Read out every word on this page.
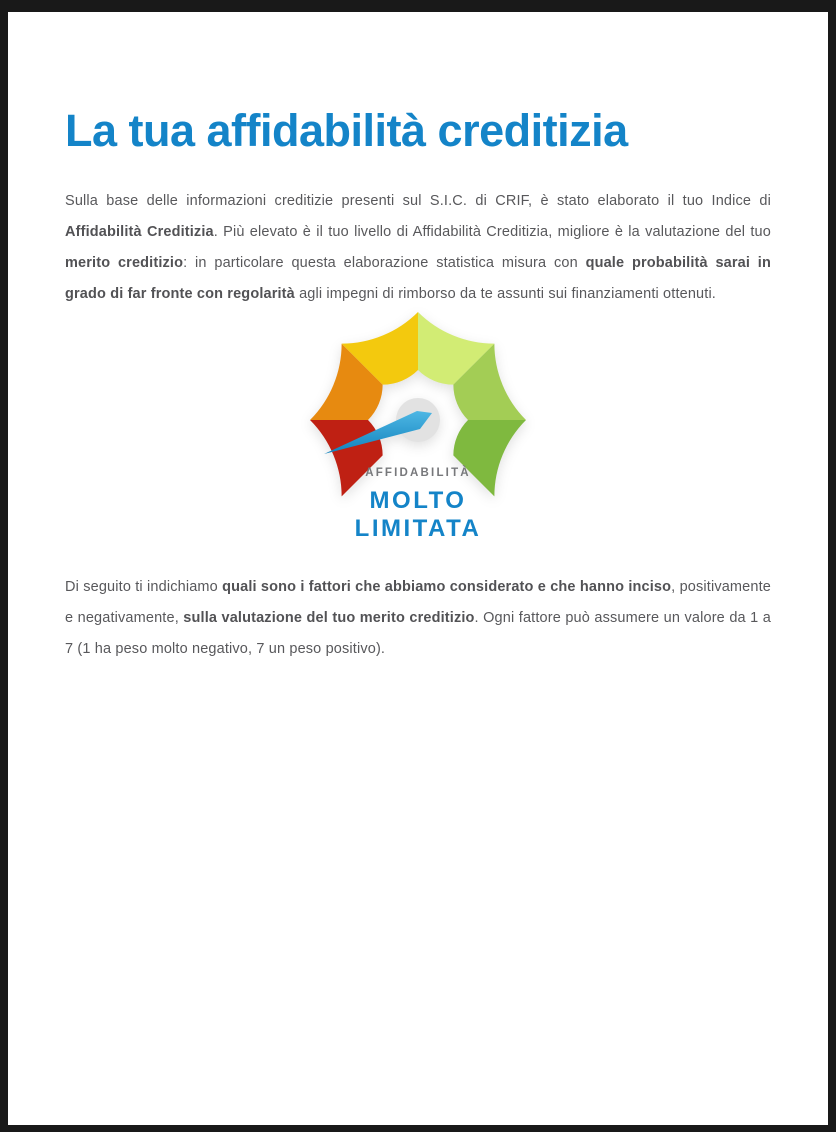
La tua affidabilità creditizia

Sulla base delle informazioni creditizie presenti sul S.I.C. di CRIF, è stato elaborato il tuo Indice di Affidabilità Creditizia. Più elevato è il tuo livello di Affidabilità Creditizia, migliore è la valutazione del tuo merito creditizio: in particolare questa elaborazione statistica misura con quale probabilità sarai in grado di far fronte con regolarità agli impegni di rimborso da te assunti sui finanziamenti ottenuti.

AFFIDABILITÀ
MOLTO
LIMITATA

Di seguito ti indichiamo quali sono i fattori che abbiamo considerato e che hanno inciso, positivamente e negativamente, sulla valutazione del tuo merito creditizio. Ogni fattore può assumere un valore da 1 a 7 (1 ha peso molto negativo, 7 un peso positivo).
